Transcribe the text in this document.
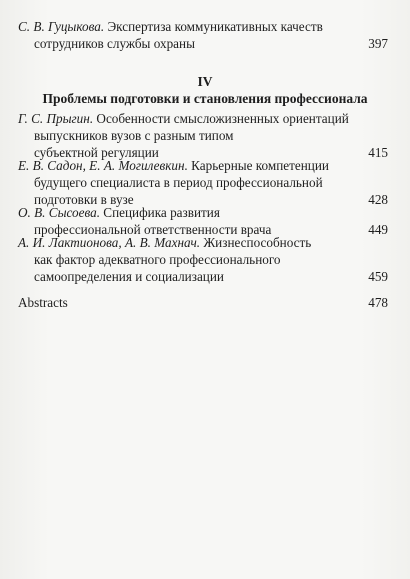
С. В. Гуцыкова. Экспертиза коммуникативных качеств
сотрудников службы охраны	397
IV
Проблемы подготовки и становления профессионала
Г. С. Прыгин. Особенности смысложизненных ориентаций
выпускников вузов с разным типом
субъектной регуляции	415
Е. В. Садон, Е. А. Могилевкин. Карьерные компетенции
будущего специалиста в период профессиональной
подготовки в вузе	428
О. В. Сысоева. Специфика развития
профессиональной ответственности врача	449
А. И. Лактионова, А. В. Махнач. Жизнеспособность
как фактор адекватного профессионального
самоопределения и социализации	459
Abstracts	478
